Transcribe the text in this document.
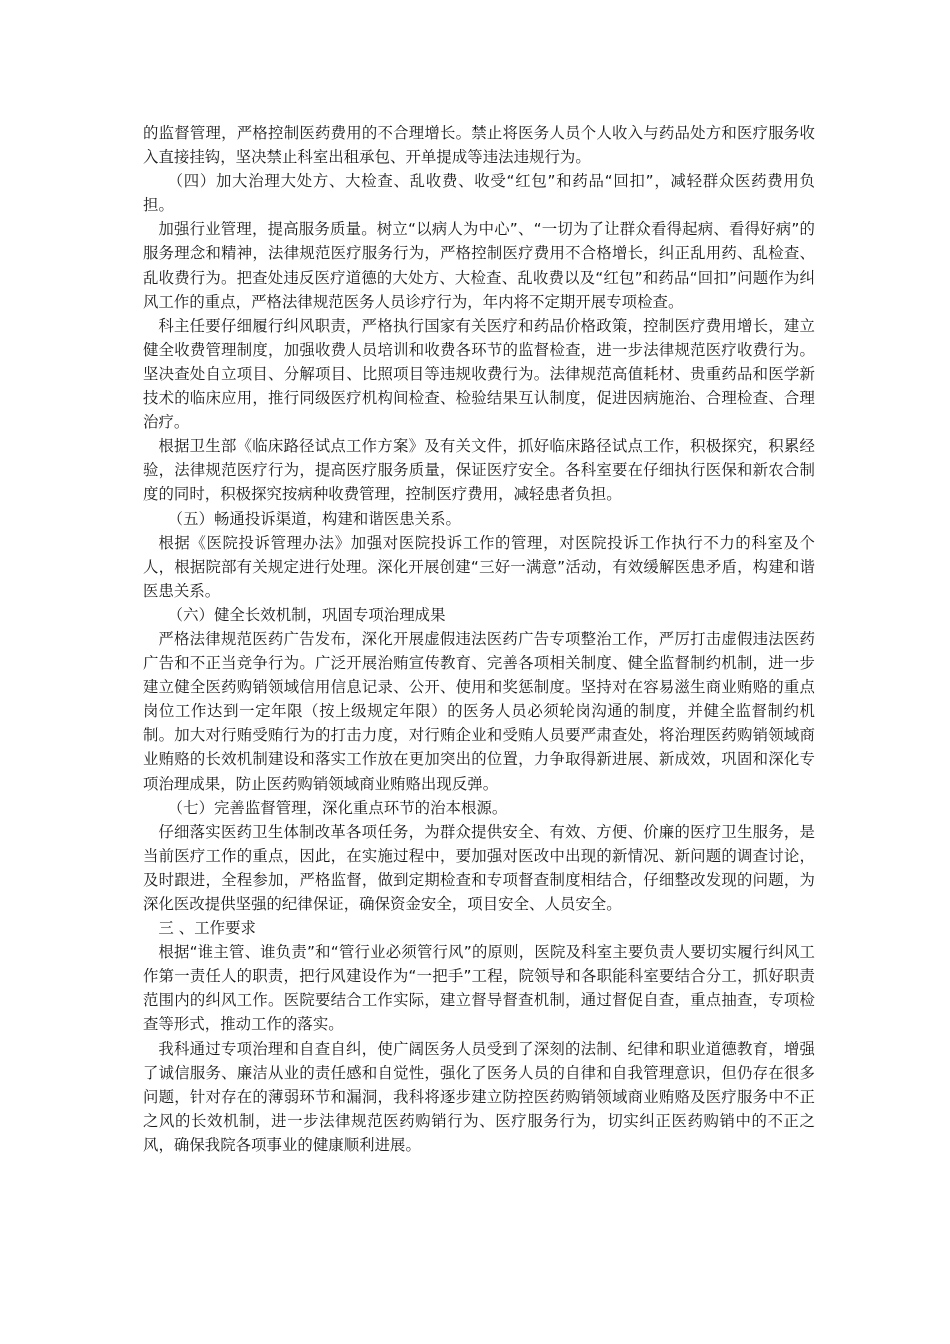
的监督管理，严格控制医药费用的不合理增长。禁止将医务人员个人收入与药品处方和医疗服务收入直接挂钩，坚决禁止科室出租承包、开单提成等违法违规行为。

（四）加大治理大处方、大检查、乱收费、收受“红包”和药品“回扣”，减轻群众医药费用负担。

加强行业管理，提高服务质量。树立“以病人为中心”、“一切为了让群众看得起病、看得好病”的服务理念和精神，法律规范医疗服务行为，严格控制医疗费用不合格增长，纠正乱用药、乱检查、乱收费行为。把查处违反医疗道德的大处方、大检查、乱收费以及“红包”和药品“回扣”问题作为纠风工作的重点，严格法律规范医务人员诊疗行为，年内将不定期开展专项检查。

科主任要仔细履行纠风职责，严格执行国家有关医疗和药品价格政策，控制医疗费用增长，建立健全收费管理制度，加强收费人员培训和收费各环节的监督检查，进一步法律规范医疗收费行为。坚决查处自立项目、分解项目、比照项目等违规收费行为。法律规范高值耗材、贵重药品和医学新技术的临床应用，推行同级医疗机构间检查、检验结果互认制度，促进因病施治、合理检查、合理治疗。

根据卫生部《临床路径试点工作方案》及有关文件，抓好临床路径试点工作，积极探究，积累经验，法律规范医疗行为，提高医疗服务质量，保证医疗安全。各科室要在仔细执行医保和新农合制度的同时，积极探究按病种收费管理，控制医疗费用，减轻患者负担。

（五）畅通投诉渠道，构建和谐医患关系。

根据《医院投诉管理办法》加强对医院投诉工作的管理，对医院投诉工作执行不力的科室及个人，根据院部有关规定进行处理。深化开展创建“三好一满意”活动，有效缓解医患矛盾，构建和谐医患关系。

（六）健全长效机制，巩固专项治理成果

严格法律规范医药广告发布，深化开展虚假违法医药广告专项整治工作，严厉打击虚假违法医药广告和不正当竞争行为。广泛开展治贿宣传教育、完善各项相关制度、健全监督制约机制，进一步建立健全医药购销领域信用信息记录、公开、使用和奖惩制度。坚持对在容易滋生商业贿赂的重点岗位工作达到一定年限（按上级规定年限）的医务人员必须轮岗沟通的制度，并健全监督制约机制。加大对行贿受贿行为的打击力度，对行贿企业和受贿人员要严肃查处，将治理医药购销领域商业贿赂的长效机制建设和落实工作放在更加突出的位置，力争取得新进展、新成效，巩固和深化专项治理成果，防止医药购销领域商业贿赂出现反弹。

（七）完善监督管理，深化重点环节的治本根源。

仔细落实医药卫生体制改革各项任务，为群众提供安全、有效、方便、价廉的医疗卫生服务，是当前医疗工作的重点，因此，在实施过程中，要加强对医改中出现的新情况、新问题的调查讨论，及时跟进，全程参加，严格监督，做到定期检查和专项督查制度相结合，仔细整改发现的问题，为深化医改提供坚强的纪律保证，确保资金安全，项目安全、人员安全。

三 、工作要求

根据“谁主管、谁负责”和“管行业必须管行风”的原则，医院及科室主要负责人要切实履行纠风工作第一责任人的职责，把行风建设作为“一把手”工程，院领导和各职能科室要结合分工，抓好职责范围内的纠风工作。医院要结合工作实际，建立督导督查机制，通过督促自查，重点抽查，专项检查等形式，推动工作的落实。

我科通过专项治理和自查自纠，使广阔医务人员受到了深刻的法制、纪律和职业道德教育，增强了诚信服务、廉洁从业的责任感和自觉性，强化了医务人员的自律和自我管理意识，但仍存在很多问题，针对存在的薄弱环节和漏洞，我科将逐步建立防控医药购销领域商业贿赂及医疗服务中不正之风的长效机制，进一步法律规范医药购销行为、医疗服务行为，切实纠正医药购销中的不正之风，确保我院各项事业的健康顺利进展。
